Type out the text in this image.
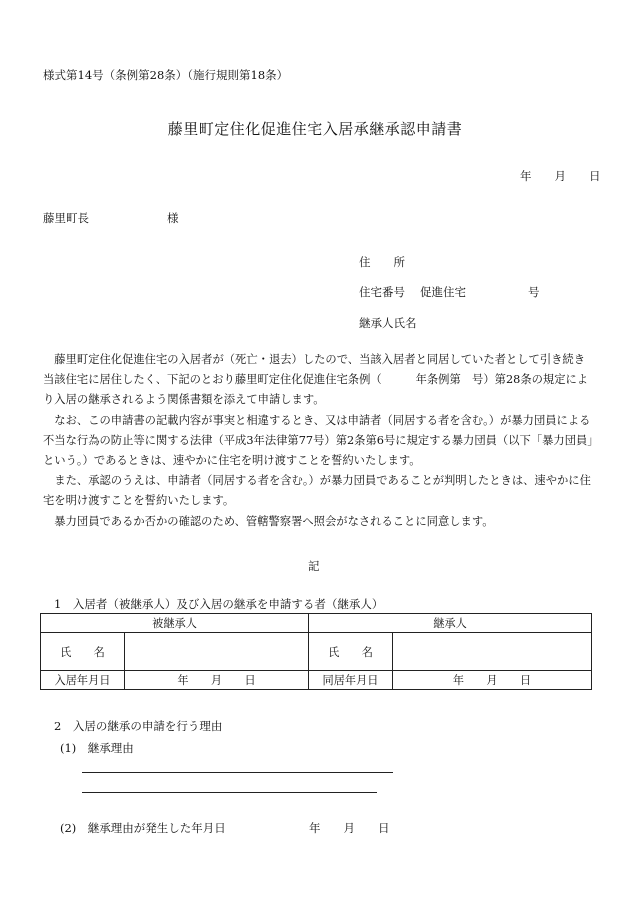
様式第14号（条例第28条）（施行規則第18条）
藤里町定住化促進住宅入居承継承認申請書
年　　月　　日
藤里町長	様
住　　所
住宅番号 促進住宅	号
継承人氏名

藤里町定住化促進住宅の入居者が（死亡・退去）したので、当該入居者と同居していた者として引き続き当該住宅に居住したく、下記のとおり藤里町定住化促進住宅条例（　　　年条例第　号）第28条の規定により入居の継承されるよう関係書類を添えて申請します。

なお、この申請書の記載内容が事実と相違するとき、又は申請者（同居する者を含む。）が暴力団員による不当な行為の防止等に関する法律（平成3年法律第77号）第2条第6号に規定する暴力団員（以下「暴力団員」という。）であるときは、速やかに住宅を明け渡すことを誓約いたします。

また、承認のうえは、申請者（同居する者を含む。）が暴力団員であることが判明したときは、速やかに住宅を明け渡すことを誓約いたします。

暴力団員であるか否かの確認のため、管轄警察署へ照会がなされることに同意します。

記
1　入居者（被継承人）及び入居の継承を申請する者（継承人）
被継承人		継承人	
氏　　名		氏　　名	
入居年月日	年　　月　　日	同居年月日	年　　月　　日
2　入居の継承の申請を行う理由
(1)　継承理由
(2)　継承理由が発生した年月日	年　　月　　日
